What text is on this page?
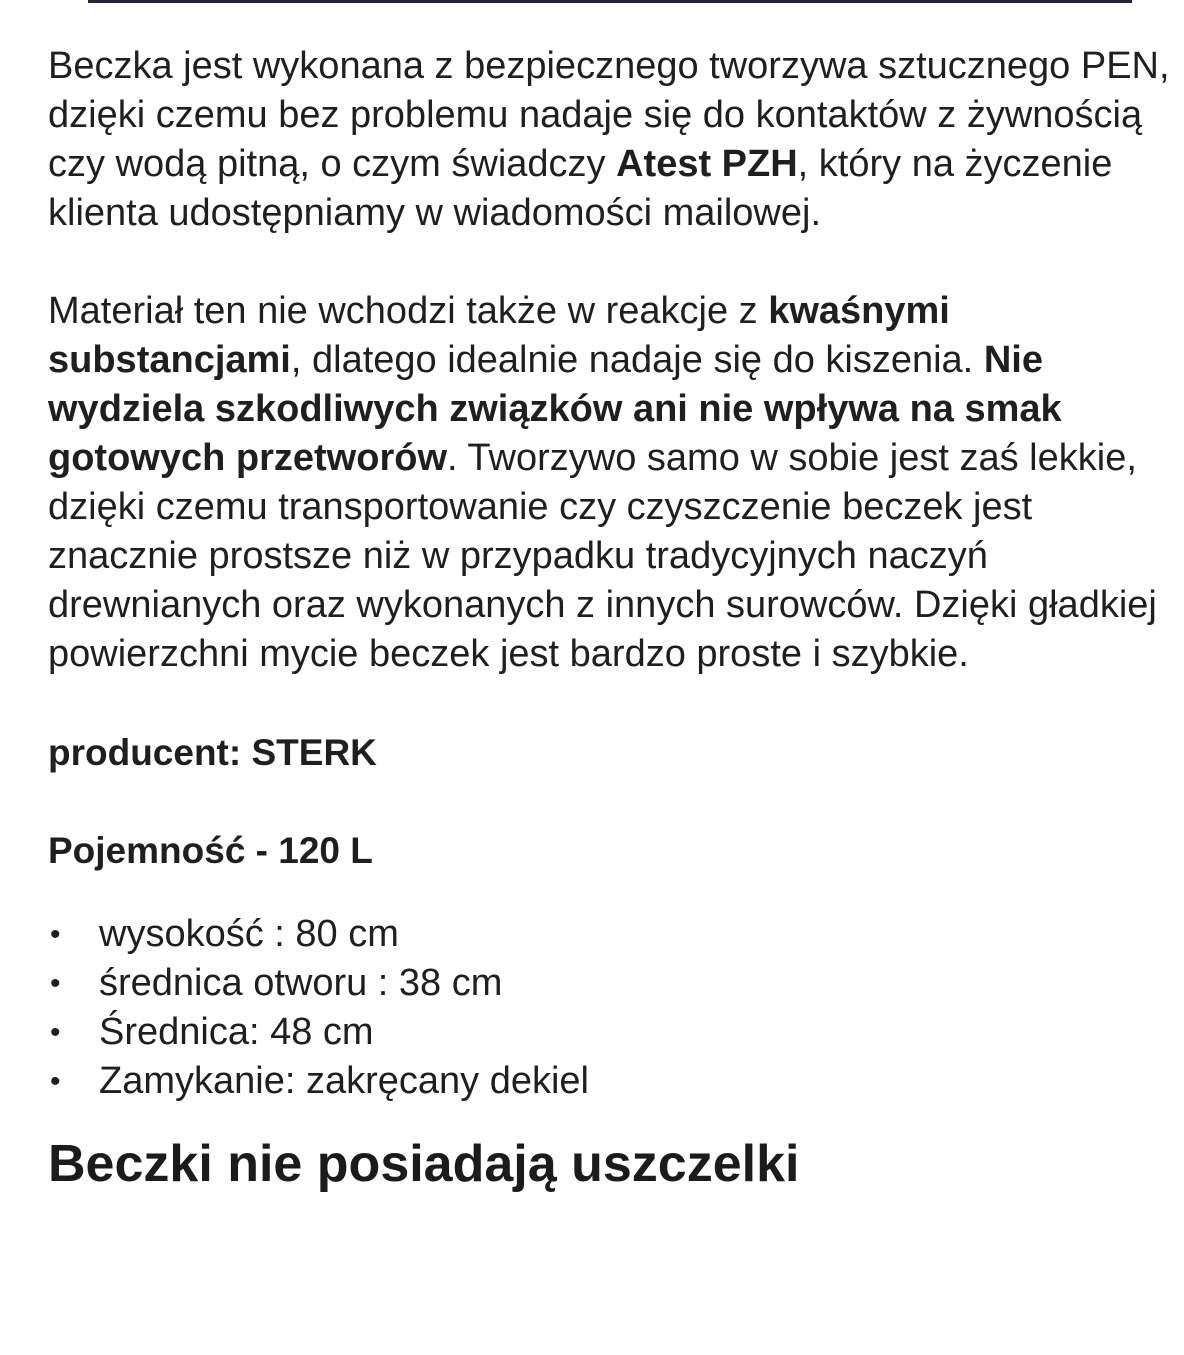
Beczka jest wykonana z bezpiecznego tworzywa sztucznego PEN, dzięki czemu bez problemu nadaje się do kontaktów z żywnością czy wodą pitną, o czym świadczy Atest PZH, który na życzenie klienta udostępniamy w wiadomości mailowej.

Materiał ten nie wchodzi także w reakcje z kwaśnymi substancjami, dlatego idealnie nadaje się do kiszenia. Nie wydziela szkodliwych związków ani nie wpływa na smak gotowych przetworów. Tworzywo samo w sobie jest zaś lekkie, dzięki czemu transportowanie czy czyszczenie beczek jest znacznie prostsze niż w przypadku tradycyjnych naczyń drewnianych oraz wykonanych z innych surowców. Dzięki gładkiej powierzchni mycie beczek jest bardzo proste i szybkie.

producent: STERK
Pojemność - 120 L
• wysokość : 80 cm
• średnica otworu : 38 cm
• Średnica: 48 cm
• Zamykanie: zakręcany dekiel
Beczki nie posiadają uszczelki
